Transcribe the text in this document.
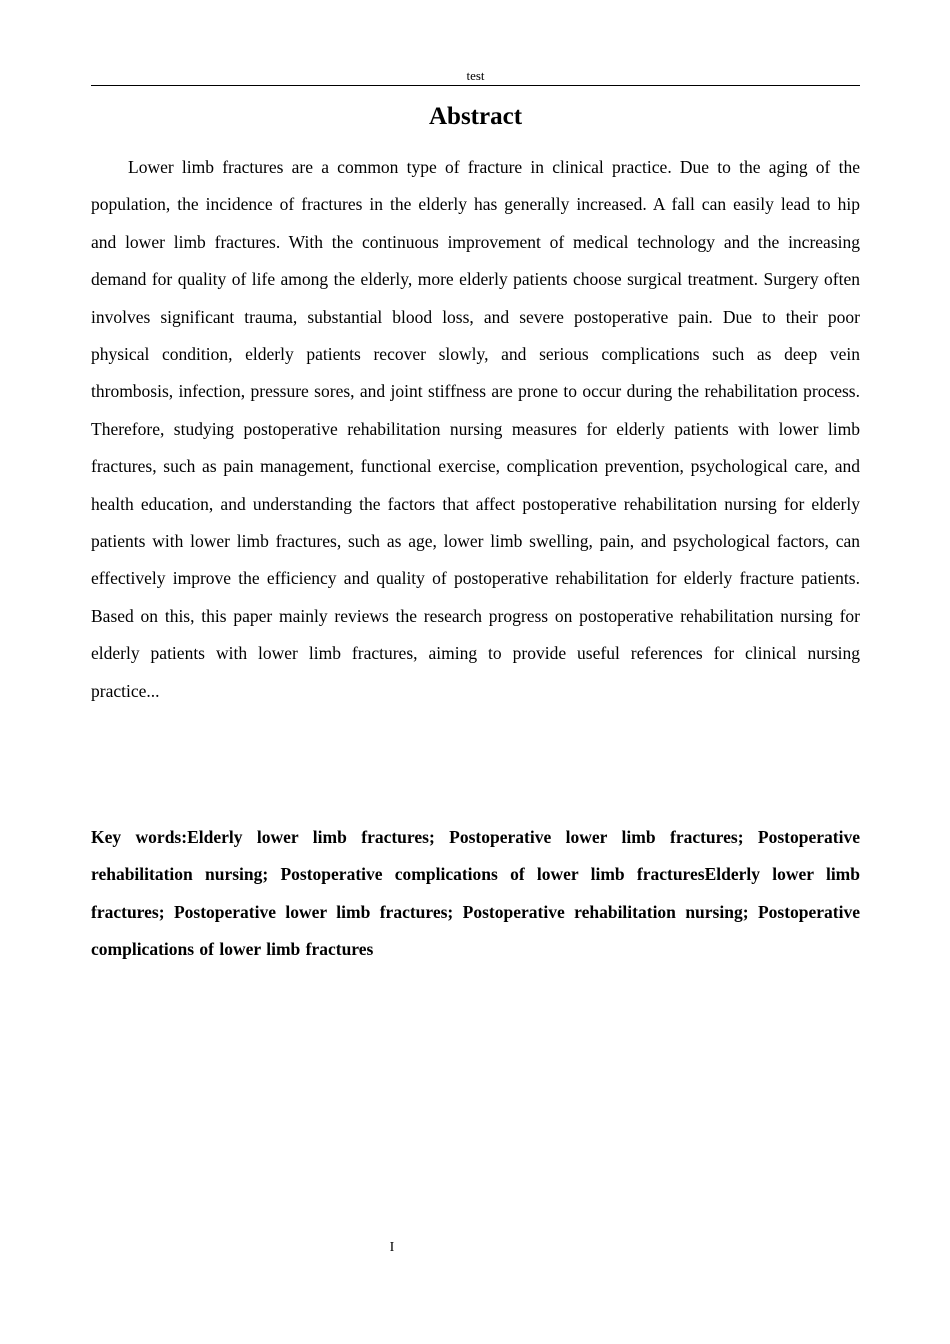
test
Abstract

Lower limb fractures are a common type of fracture in clinical practice. Due to the aging of the population, the incidence of fractures in the elderly has generally increased. A fall can easily lead to hip and lower limb fractures. With the continuous improvement of medical technology and the increasing demand for quality of life among the elderly, more elderly patients choose surgical treatment. Surgery often involves significant trauma, substantial blood loss, and severe postoperative pain. Due to their poor physical condition, elderly patients recover slowly, and serious complications such as deep vein thrombosis, infection, pressure sores, and joint stiffness are prone to occur during the rehabilitation process. Therefore, studying postoperative rehabilitation nursing measures for elderly patients with lower limb fractures, such as pain management, functional exercise, complication prevention, psychological care, and health education, and understanding the factors that affect postoperative rehabilitation nursing for elderly patients with lower limb fractures, such as age, lower limb swelling, pain, and psychological factors, can effectively improve the efficiency and quality of postoperative rehabilitation for elderly fracture patients. Based on this, this paper mainly reviews the research progress on postoperative rehabilitation nursing for elderly patients with lower limb fractures, aiming to provide useful references for clinical nursing practice...

Key words:Elderly lower limb fractures; Postoperative lower limb fractures; Postoperative rehabilitation nursing; Postoperative complications of lower limb fracturesElderly lower limb fractures; Postoperative lower limb fractures; Postoperative rehabilitation nursing; Postoperative complications of lower limb fractures

I
